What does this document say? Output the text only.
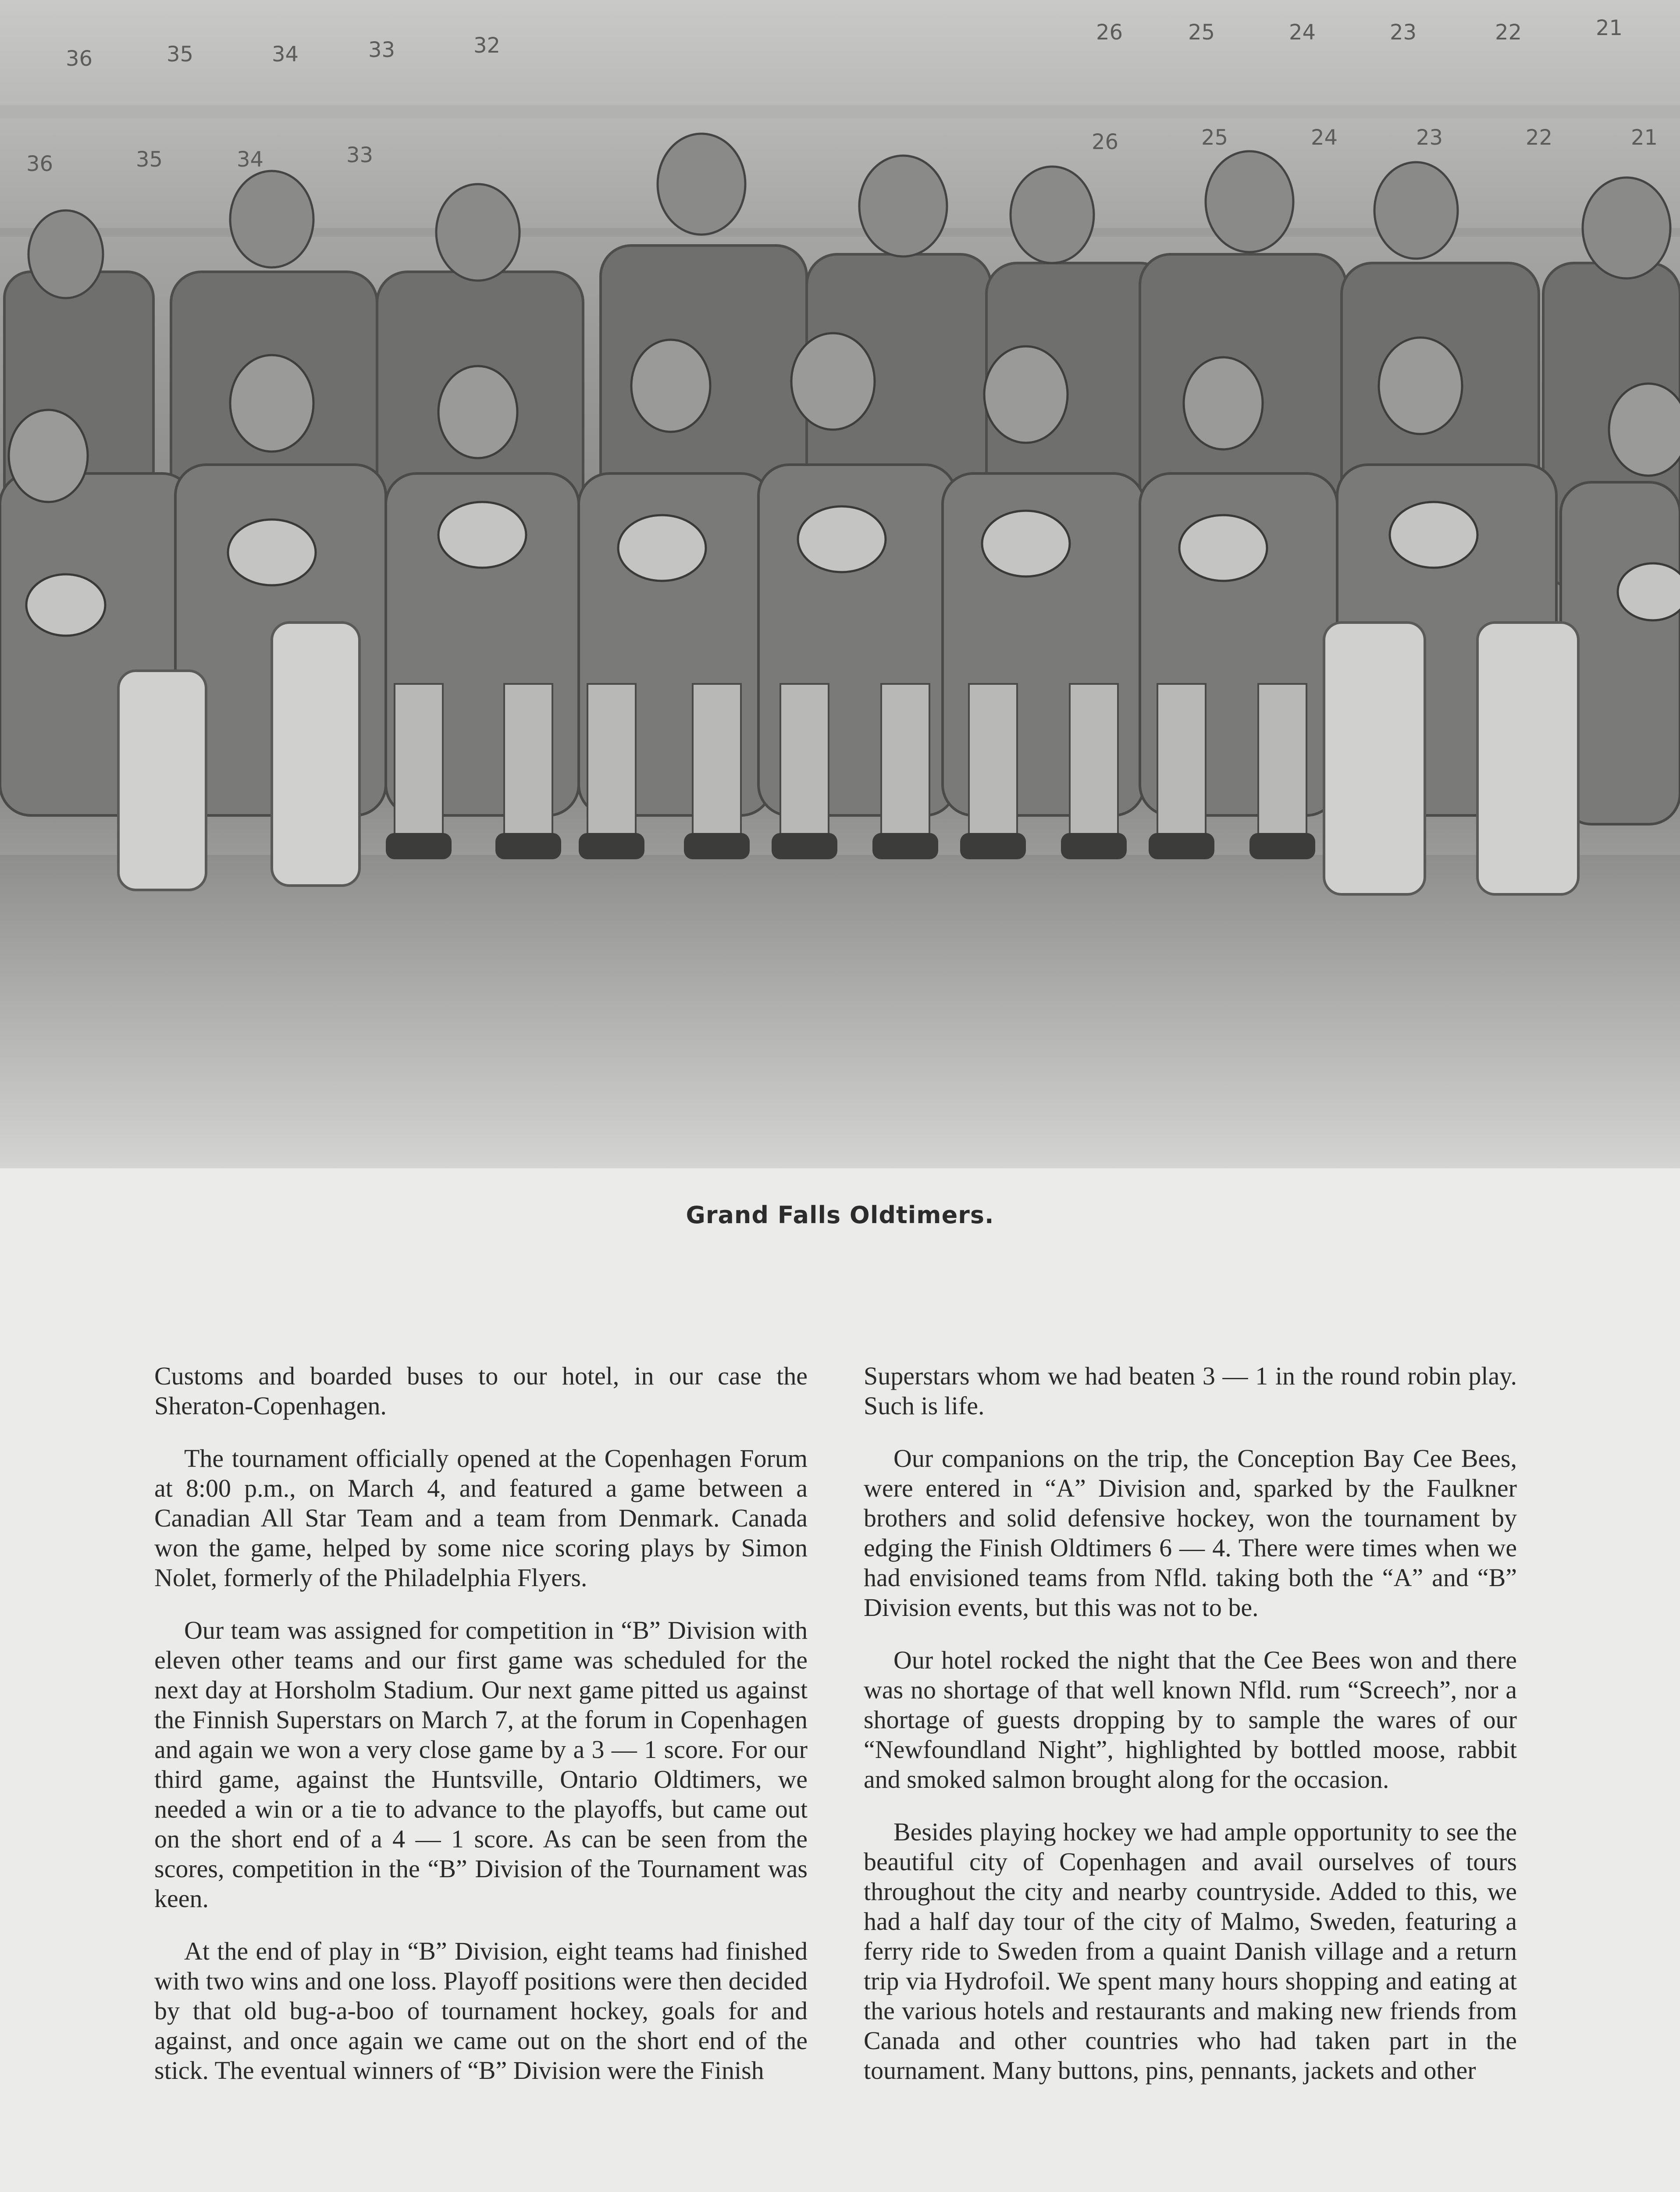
36	35	34	33	32
26	25	24	23	22	21
36	35	34	33
26	25	24	23	22	21
Grand Falls Oldtimers.

Customs and boarded buses to our hotel, in our case the Sheraton-Copenhagen.

The tournament officially opened at the Copenhagen Forum at 8:00 p.m., on March 4, and featured a game between a Canadian All Star Team and a team from Denmark. Canada won the game, helped by some nice scoring plays by Simon Nolet, formerly of the Philadelphia Flyers.

Our team was assigned for competition in “B” Division with eleven other teams and our first game was scheduled for the next day at Horsholm Stadium. Our next game pitted us against the Finnish Superstars on March 7, at the forum in Copenhagen and again we won a very close game by a 3 — 1 score. For our third game, against the Huntsville, Ontario Oldtimers, we needed a win or a tie to advance to the playoffs, but came out on the short end of a 4 — 1 score. As can be seen from the scores, competition in the “B” Division of the Tournament was keen.

At the end of play in “B” Division, eight teams had finished with two wins and one loss. Playoff positions were then decided by that old bug-a-boo of tournament hockey, goals for and against, and once again we came out on the short end of the stick. The eventual winners of “B” Division were the Finish

Superstars whom we had beaten 3 — 1 in the round robin play. Such is life.

Our companions on the trip, the Conception Bay Cee Bees, were entered in “A” Division and, sparked by the Faulkner brothers and solid defensive hockey, won the tournament by edging the Finish Oldtimers 6 — 4. There were times when we had envisioned teams from Nfld. taking both the “A” and “B” Division events, but this was not to be.

Our hotel rocked the night that the Cee Bees won and there was no shortage of that well known Nfld. rum “Screech”, nor a shortage of guests dropping by to sample the wares of our “Newfoundland Night”, highlighted by bottled moose, rabbit and smoked salmon brought along for the occasion.

Besides playing hockey we had ample opportunity to see the beautiful city of Copenhagen and avail ourselves of tours throughout the city and nearby countryside. Added to this, we had a half day tour of the city of Malmo, Sweden, featuring a ferry ride to Sweden from a quaint Danish village and a return trip via Hydrofoil. We spent many hours shopping and eating at the various hotels and restaurants and making new friends from Canada and other countries who had taken part in the tournament. Many buttons, pins, pennants, jackets and other
